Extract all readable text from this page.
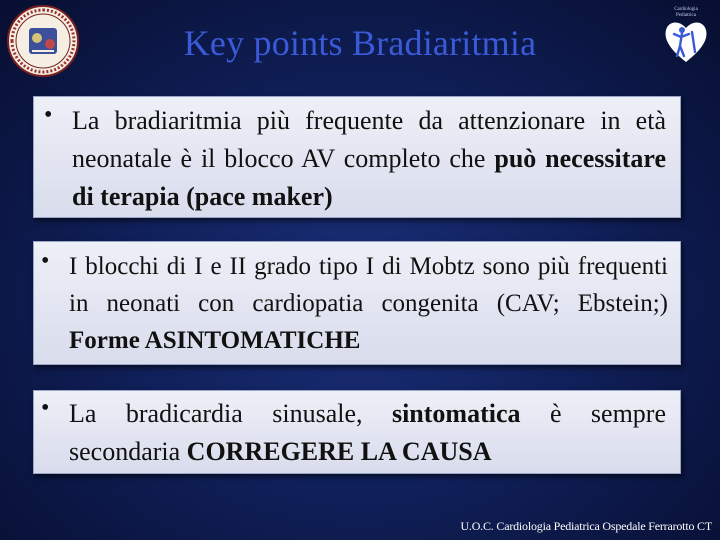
Cardiologia
Pediatrica
Key points Bradiaritmia
• La bradiaritmia più frequente da attenzionare in età neonatale è il blocco AV completo che può necessitare di terapia (pace maker)
• I blocchi di I e II grado tipo I di Mobtz sono più frequenti in neonati con cardiopatia congenita (CAV; Ebstein;) Forme ASINTOMATICHE
• La bradicardia sinusale, sintomatica è sempre secondaria CORREGERE LA CAUSA
U.O.C. Cardiologia Pediatrica Ospedale Ferrarotto CT
